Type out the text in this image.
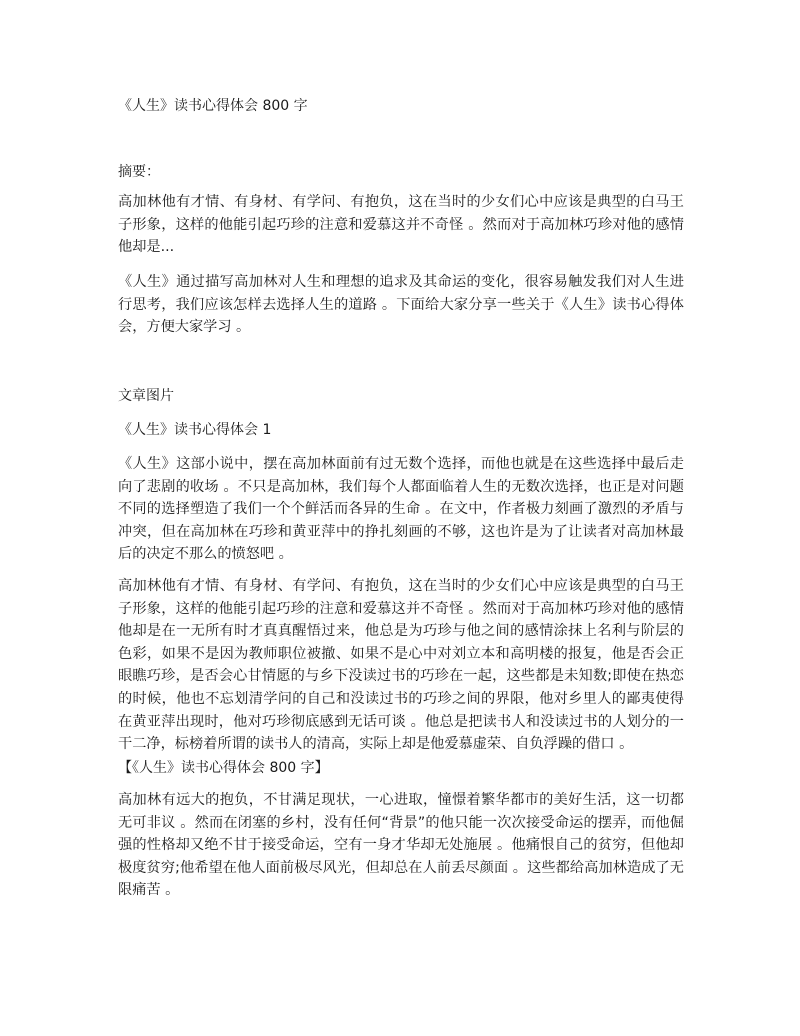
《人生》读书心得体会 800 字
摘要：

高加林他有才情、有身材、有学问、有抱负，这在当时的少女们心中应该是典型的白马王子形象，这样的他能引起巧珍的注意和爱慕这并不奇怪 。然而对于高加林巧珍对他的感情他却是...

《人生》通过描写高加林对人生和理想的追求及其命运的变化，很容易触发我们对人生进行思考，我们应该怎样去选择人生的道路 。下面给大家分享一些关于《人生》读书心得体会，方便大家学习 。

文章图片
《人生》读书心得体会 1

《人生》这部小说中，摆在高加林面前有过无数个选择，而他也就是在这些选择中最后走向了悲剧的收场 。不只是高加林，我们每个人都面临着人生的无数次选择，也正是对问题不同的选择塑造了我们一个个鲜活而各异的生命 。在文中，作者极力刻画了激烈的矛盾与冲突，但在高加林在巧珍和黄亚萍中的挣扎刻画的不够，这也许是为了让读者对高加林最后的决定不那么的愤怒吧 。

高加林他有才情、有身材、有学问、有抱负，这在当时的少女们心中应该是典型的白马王子形象，这样的他能引起巧珍的注意和爱慕这并不奇怪 。然而对于高加林巧珍对他的感情他却是在一无所有时才真真醒悟过来，他总是为巧珍与他之间的感情涂抹上名利与阶层的色彩，如果不是因为教师职位被撤、如果不是心中对刘立本和高明楼的报复，他是否会正眼瞧巧珍，是否会心甘情愿的与乡下没读过书的巧珍在一起，这些都是未知数;即使在热恋的时候，他也不忘划清学问的自己和没读过书的巧珍之间的界限，他对乡里人的鄙夷使得在黄亚萍出现时，他对巧珍彻底感到无话可谈 。他总是把读书人和没读过书的人划分的一干二净，标榜着所谓的读书人的清高，实际上却是他爱慕虚荣、自负浮躁的借口 。

【《人生》读书心得体会 800 字】

高加林有远大的抱负，不甘满足现状，一心进取，憧憬着繁华都市的美好生活，这一切都无可非议 。然而在闭塞的乡村，没有任何“背景”的他只能一次次接受命运的摆弄，而他倔强的性格却又绝不甘于接受命运，空有一身才华却无处施展 。他痛恨自己的贫穷，但他却极度贫穷;他希望在他人面前极尽风光，但却总在人前丢尽颜面 。这些都给高加林造成了无限痛苦 。
